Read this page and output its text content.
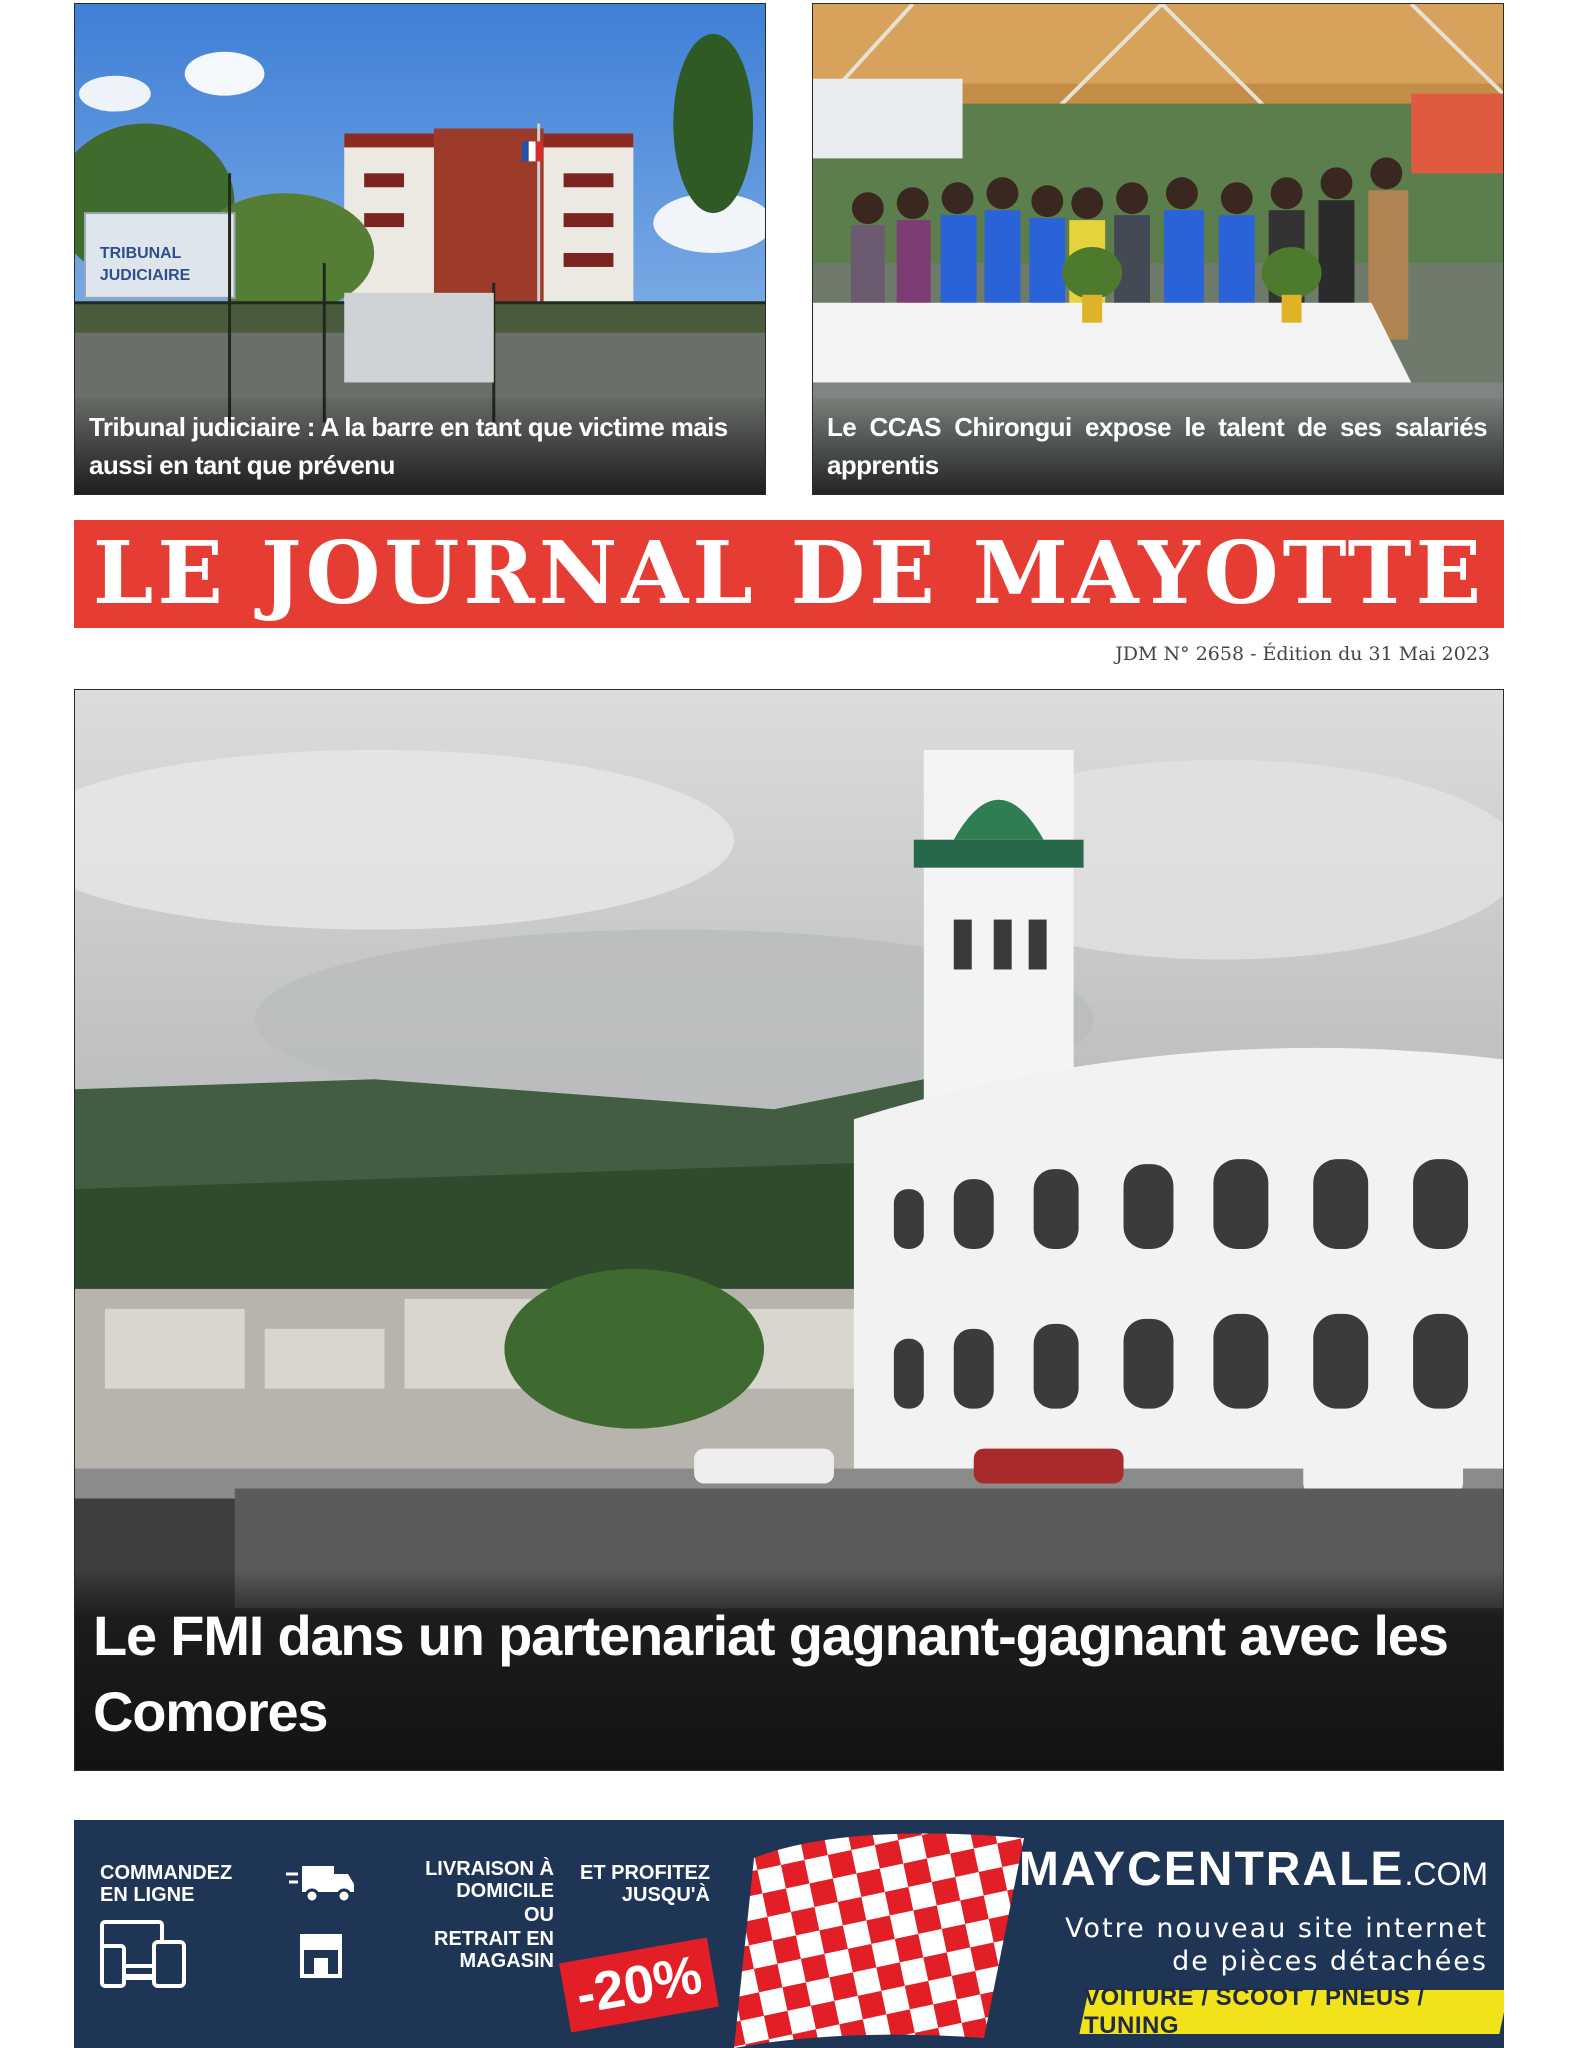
TRIBUNAL
JUDICIAIRE
Tribunal judiciaire : A la barre en tant que victime mais aussi en tant que prévenu
Le CCAS Chirongui expose le talent de ses salariés apprentis
LE JOURNAL DE MAYOTTE
JDM N° 2658 - Édition du 31 Mai 2023
Le FMI dans un partenariat gagnant-gagnant avec les Comores
COMMANDEZ EN LIGNE
LIVRAISON À DOMICILE
OU
RETRAIT EN MAGASIN
ET PROFITEZ JUSQU'À
-20%
MAYCENTRALE.COM
Votre nouveau site internet
de pièces détachées
VOITURE / SCOOT / PNEUS / TUNING
